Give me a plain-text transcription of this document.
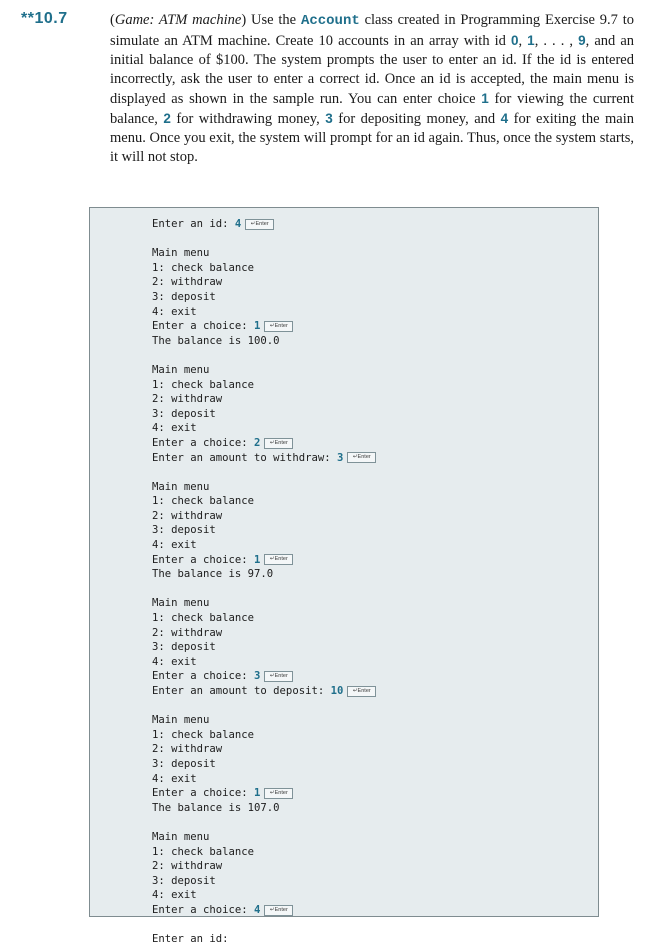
**10.7	(Game: ATM machine) Use the Account class created in Programming Exercise 9.7 to simulate an ATM machine. Create 10 accounts in an array with id 0, 1, . . . , 9, and an initial balance of $100. The system prompts the user to enter an id. If the id is entered incorrectly, ask the user to enter a correct id. Once an id is accepted, the main menu is displayed as shown in the sample run. You can enter choice 1 for viewing the current balance, 2 for withdrawing money, 3 for depositing money, and 4 for exiting the main menu. Once you exit, the system will prompt for an id again. Thus, once the system starts, it will not stop.
Enter an id: 4	↵Enter
Main menu
1: check balance
2: withdraw
3: deposit
4: exit
Enter a choice: 1	↵Enter
The balance is 100.0
Main menu
1: check balance
2: withdraw
3: deposit
4: exit
Enter a choice: 2	↵Enter
Enter an amount to withdraw: 3	↵Enter
Main menu
1: check balance
2: withdraw
3: deposit
4: exit
Enter a choice: 1	↵Enter
The balance is 97.0
Main menu
1: check balance
2: withdraw
3: deposit
4: exit
Enter a choice: 3	↵Enter
Enter an amount to deposit: 10	↵Enter
Main menu
1: check balance
2: withdraw
3: deposit
4: exit
Enter a choice: 1	↵Enter
The balance is 107.0
Main menu
1: check balance
2: withdraw
3: deposit
4: exit
Enter a choice: 4	↵Enter
Enter an id:
